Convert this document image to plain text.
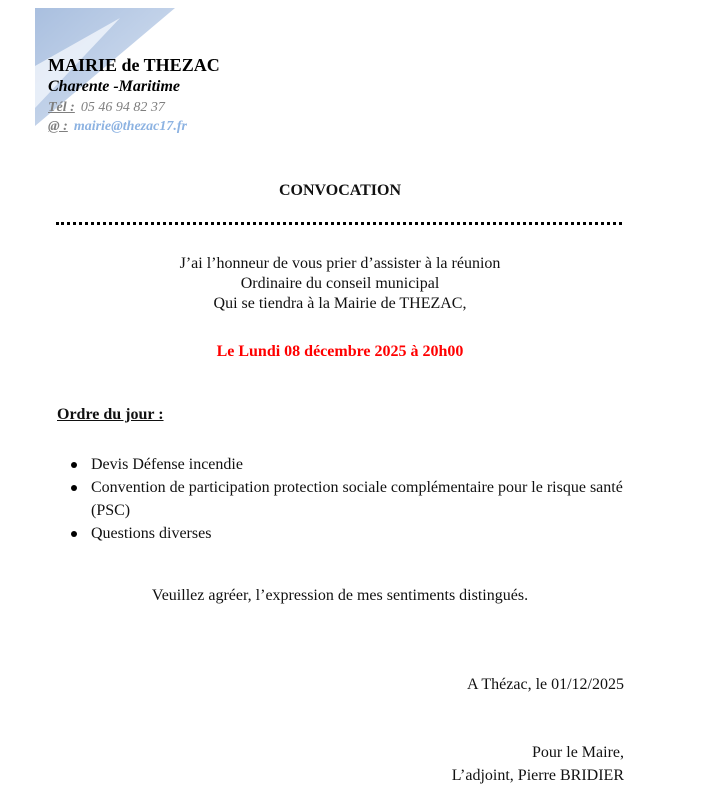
MAIRIE de THEZAC
Charente -Maritime
Tél : 05 46 94 82 37
@ : mairie@thezac17.fr
CONVOCATION
J’ai l’honneur de vous prier d’assister à la réunion
Ordinaire du conseil municipal
Qui se tiendra à la Mairie de THEZAC,
Le Lundi 08 décembre 2025 à 20h00
Ordre du jour :
Devis Défense incendie
Convention de participation protection sociale complémentaire pour le risque santé (PSC)
Questions diverses
Veuillez agréer, l’expression de mes sentiments distingués.
A Thézac, le 01/12/2025
Pour le Maire,
L’adjoint, Pierre BRIDIER
